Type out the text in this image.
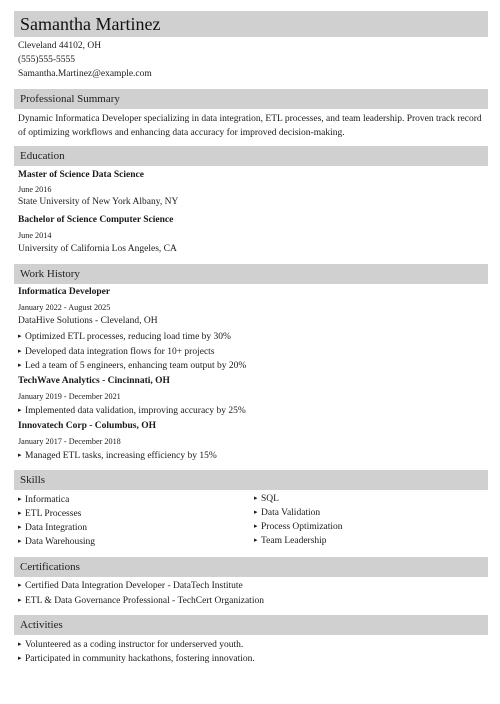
Samantha Martinez
Cleveland 44102, OH
(555)555-5555
Samantha.Martinez@example.com
Professional Summary
Dynamic Informatica Developer specializing in data integration, ETL processes, and team leadership. Proven track record of optimizing workflows and enhancing data accuracy for improved decision-making.
Education
Master of Science Data Science
June 2016
State University of New York Albany, NY
Bachelor of Science Computer Science
June 2014
University of California Los Angeles, CA
Work History
Informatica Developer
January 2022 - August 2025
DataHive Solutions - Cleveland, OH
▸ Optimized ETL processes, reducing load time by 30%
▸ Developed data integration flows for 10+ projects
▸ Led a team of 5 engineers, enhancing team output by 20%
TechWave Analytics - Cincinnati, OH
January 2019 - December 2021
▸ Implemented data validation, improving accuracy by 25%
Innovatech Corp - Columbus, OH
January 2017 - December 2018
▸ Managed ETL tasks, increasing efficiency by 15%
Skills
▸ Informatica
▸ ETL Processes
▸ Data Integration
▸ Data Warehousing
▸ SQL
▸ Data Validation
▸ Process Optimization
▸ Team Leadership
Certifications
▸ Certified Data Integration Developer - DataTech Institute
▸ ETL & Data Governance Professional - TechCert Organization
Activities
▸ Volunteered as a coding instructor for underserved youth.
▸ Participated in community hackathons, fostering innovation.
